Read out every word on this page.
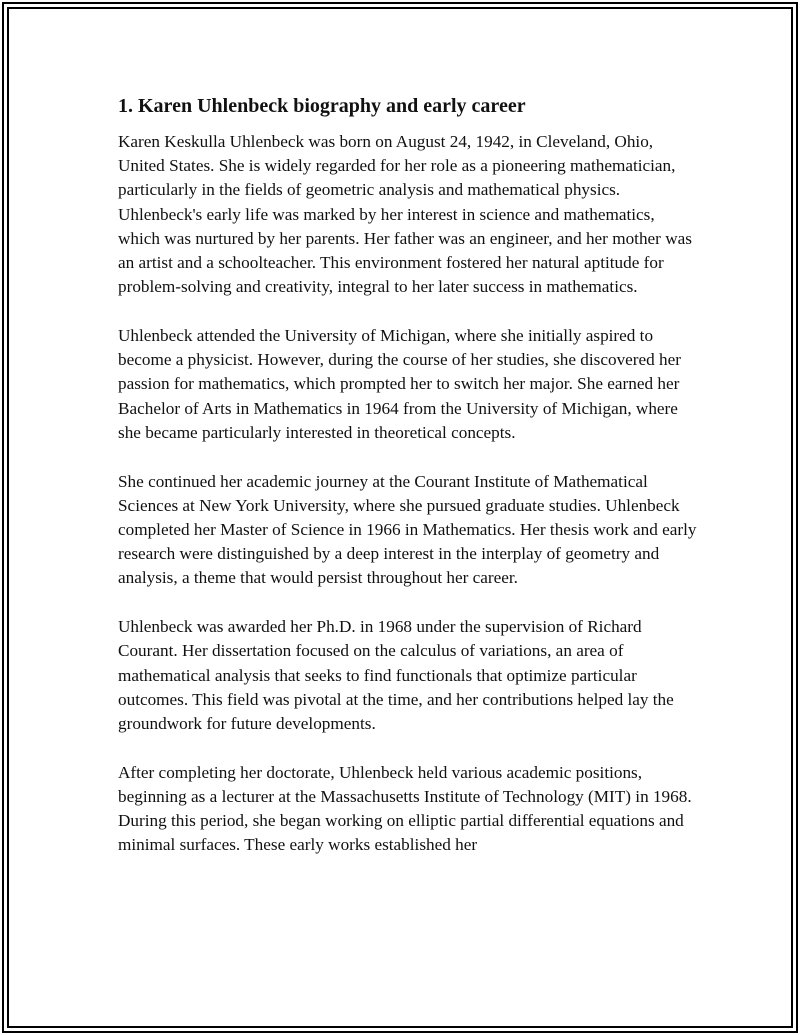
1. Karen Uhlenbeck biography and early career

Karen Keskulla Uhlenbeck was born on August 24, 1942, in Cleveland, Ohio, United States. She is widely regarded for her role as a pioneering mathematician, particularly in the fields of geometric analysis and mathematical physics. Uhlenbeck's early life was marked by her interest in science and mathematics, which was nurtured by her parents. Her father was an engineer, and her mother was an artist and a schoolteacher. This environment fostered her natural aptitude for problem-solving and creativity, integral to her later success in mathematics.

Uhlenbeck attended the University of Michigan, where she initially aspired to become a physicist. However, during the course of her studies, she discovered her passion for mathematics, which prompted her to switch her major. She earned her Bachelor of Arts in Mathematics in 1964 from the University of Michigan, where she became particularly interested in theoretical concepts.

She continued her academic journey at the Courant Institute of Mathematical Sciences at New York University, where she pursued graduate studies. Uhlenbeck completed her Master of Science in 1966 in Mathematics. Her thesis work and early research were distinguished by a deep interest in the interplay of geometry and analysis, a theme that would persist throughout her career.

Uhlenbeck was awarded her Ph.D. in 1968 under the supervision of Richard Courant. Her dissertation focused on the calculus of variations, an area of mathematical analysis that seeks to find functionals that optimize particular outcomes. This field was pivotal at the time, and her contributions helped lay the groundwork for future developments.

After completing her doctorate, Uhlenbeck held various academic positions, beginning as a lecturer at the Massachusetts Institute of Technology (MIT) in 1968. During this period, she began working on elliptic partial differential equations and minimal surfaces. These early works established her
